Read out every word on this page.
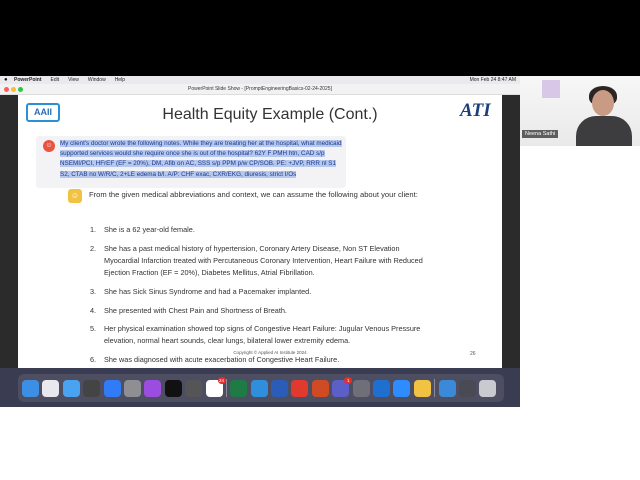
●	PowerPoint Edit View Window Help	Mon Feb 24 8:47 AM
PowerPoint Slide Show - [PromptEngineeringBasics-02-24-2025]
AAII	ATI
Health Equity Example (Cont.)
☺	My client's doctor wrote the following notes. While they are treating her at the hospital, what medicaid supported services would she require once she is out of the hospital? 62Y F PMH htn, CAD s/p NSEMI/PCI, HFrEF (EF = 20%), DM, Afib on AC, SSS s/p PPM p/w CP/SOB. PE: +JVP, RRR nl S1 S2, CTAB no W/R/C, 2+LE edema b/l. A/P: CHF exac, CXR/EKG, diuresis, strict I/Os
☺	From the given medical abbreviations and context, we can assume the following about your client:
1.	She is a 62 year-old female.
2.	She has a past medical history of hypertension, Coronary Artery Disease, Non ST Elevation Myocardial Infarction treated with Percutaneous Coronary Intervention, Heart Failure with Reduced Ejection Fraction (EF = 20%), Diabetes Mellitus, Atrial Fibrillation.
3.	She has Sick Sinus Syndrome and had a Pacemaker implanted.
4.	She presented with Chest Pain and Shortness of Breath.
5.	Her physical examination showed top signs of Congestive Heart Failure: Jugular Venous Pressure elevation, normal heart sounds, clear lungs, bilateral lower extremity edema.
6.	She was diagnosed with acute exacerbation of Congestive Heart Failure.
Copyright © Applied AI Institute 2024	26
24	1
Neena Sathi
